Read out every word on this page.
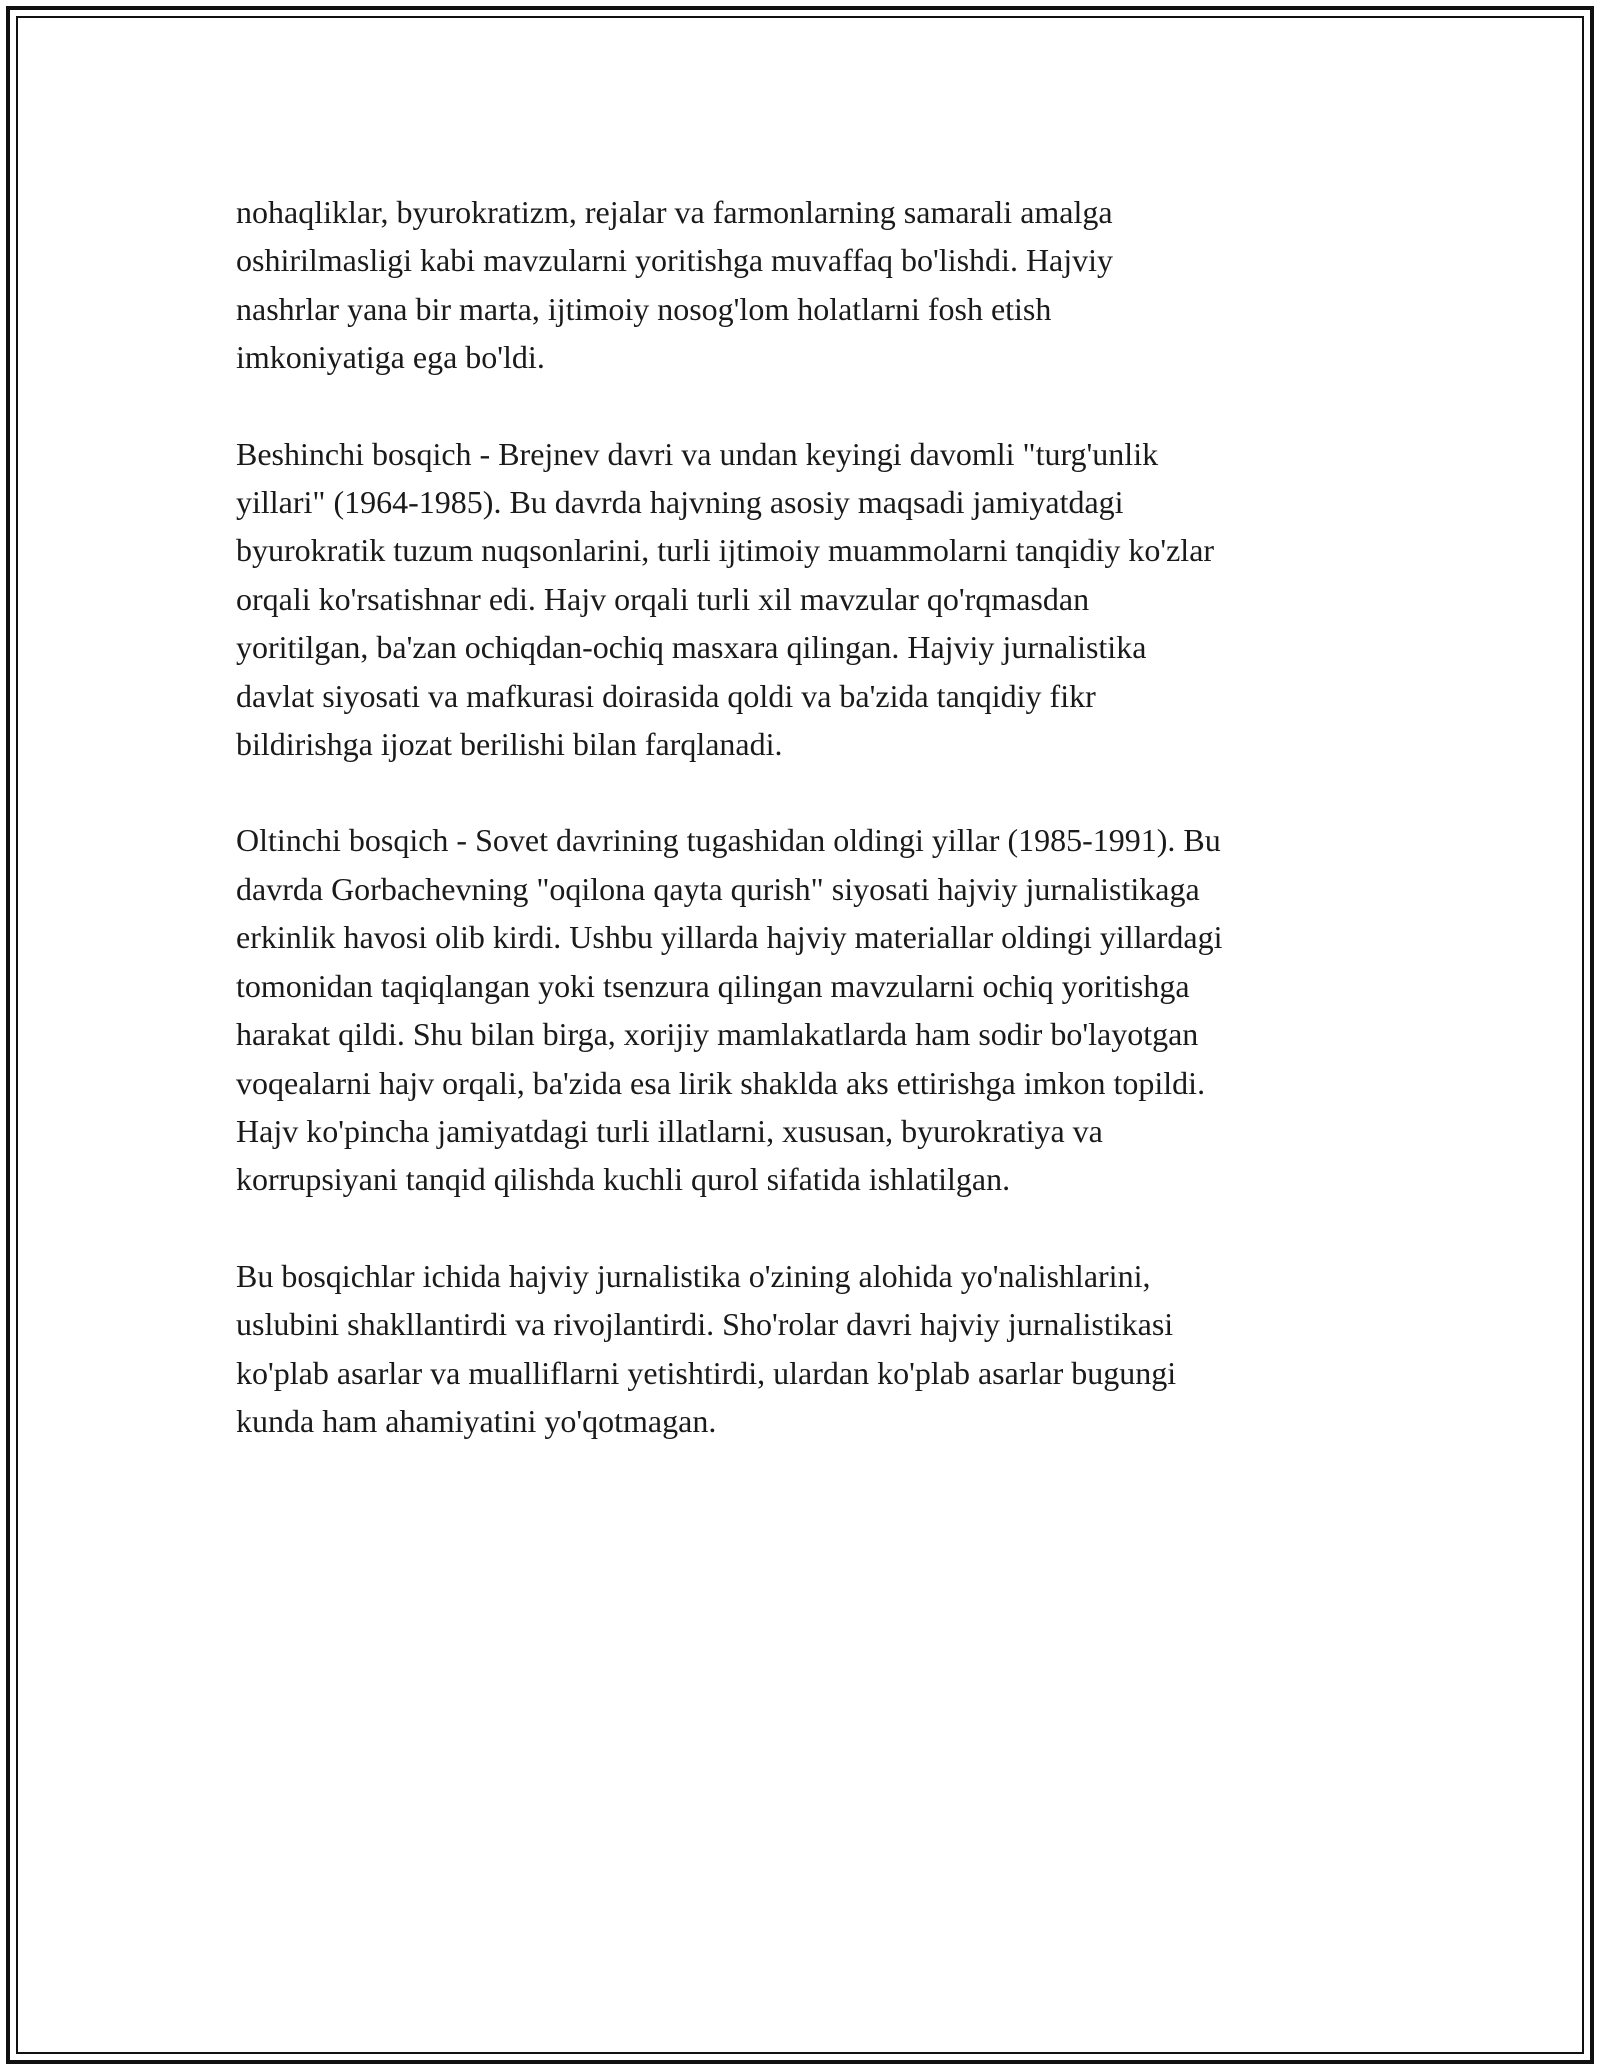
nohaqliklar, byurokratizm, rejalar va farmonlarning samarali amalga
oshirilmasligi kabi mavzularni yoritishga muvaffaq bo'lishdi. Hajviy
nashrlar yana bir marta, ijtimoiy nosog'lom holatlarni fosh etish
imkoniyatiga ega bo'ldi.

Beshinchi bosqich - Brejnev davri va undan keyingi davomli "turg'unlik
yillari" (1964-1985). Bu davrda hajvning asosiy maqsadi jamiyatdagi
byurokratik tuzum nuqsonlarini, turli ijtimoiy muammolarni tanqidiy ko'zlar
orqali ko'rsatishnar edi. Hajv orqali turli xil mavzular qo'rqmasdan
yoritilgan, ba'zan ochiqdan-ochiq masxara qilingan. Hajviy jurnalistika
davlat siyosati va mafkurasi doirasida qoldi va ba'zida tanqidiy fikr
bildirishga ijozat berilishi bilan farqlanadi.

Oltinchi bosqich - Sovet davrining tugashidan oldingi yillar (1985-1991). Bu
davrda Gorbachevning "oqilona qayta qurish" siyosati hajviy jurnalistikaga
erkinlik havosi olib kirdi. Ushbu yillarda hajviy materiallar oldingi yillardagi
tomonidan taqiqlangan yoki tsenzura qilingan mavzularni ochiq yoritishga
harakat qildi. Shu bilan birga, xorijiy mamlakatlarda ham sodir bo'layotgan
voqealarni hajv orqali, ba'zida esa lirik shaklda aks ettirishga imkon topildi.
Hajv ko'pincha jamiyatdagi turli illatlarni, xususan, byurokratiya va
korrupsiyani tanqid qilishda kuchli qurol sifatida ishlatilgan.

Bu bosqichlar ichida hajviy jurnalistika o'zining alohida yo'nalishlarini,
uslubini shakllantirdi va rivojlantirdi. Sho'rolar davri hajviy jurnalistikasi
ko'plab asarlar va mualliflarni yetishtirdi, ulardan ko'plab asarlar bugungi
kunda ham ahamiyatini yo'qotmagan.
